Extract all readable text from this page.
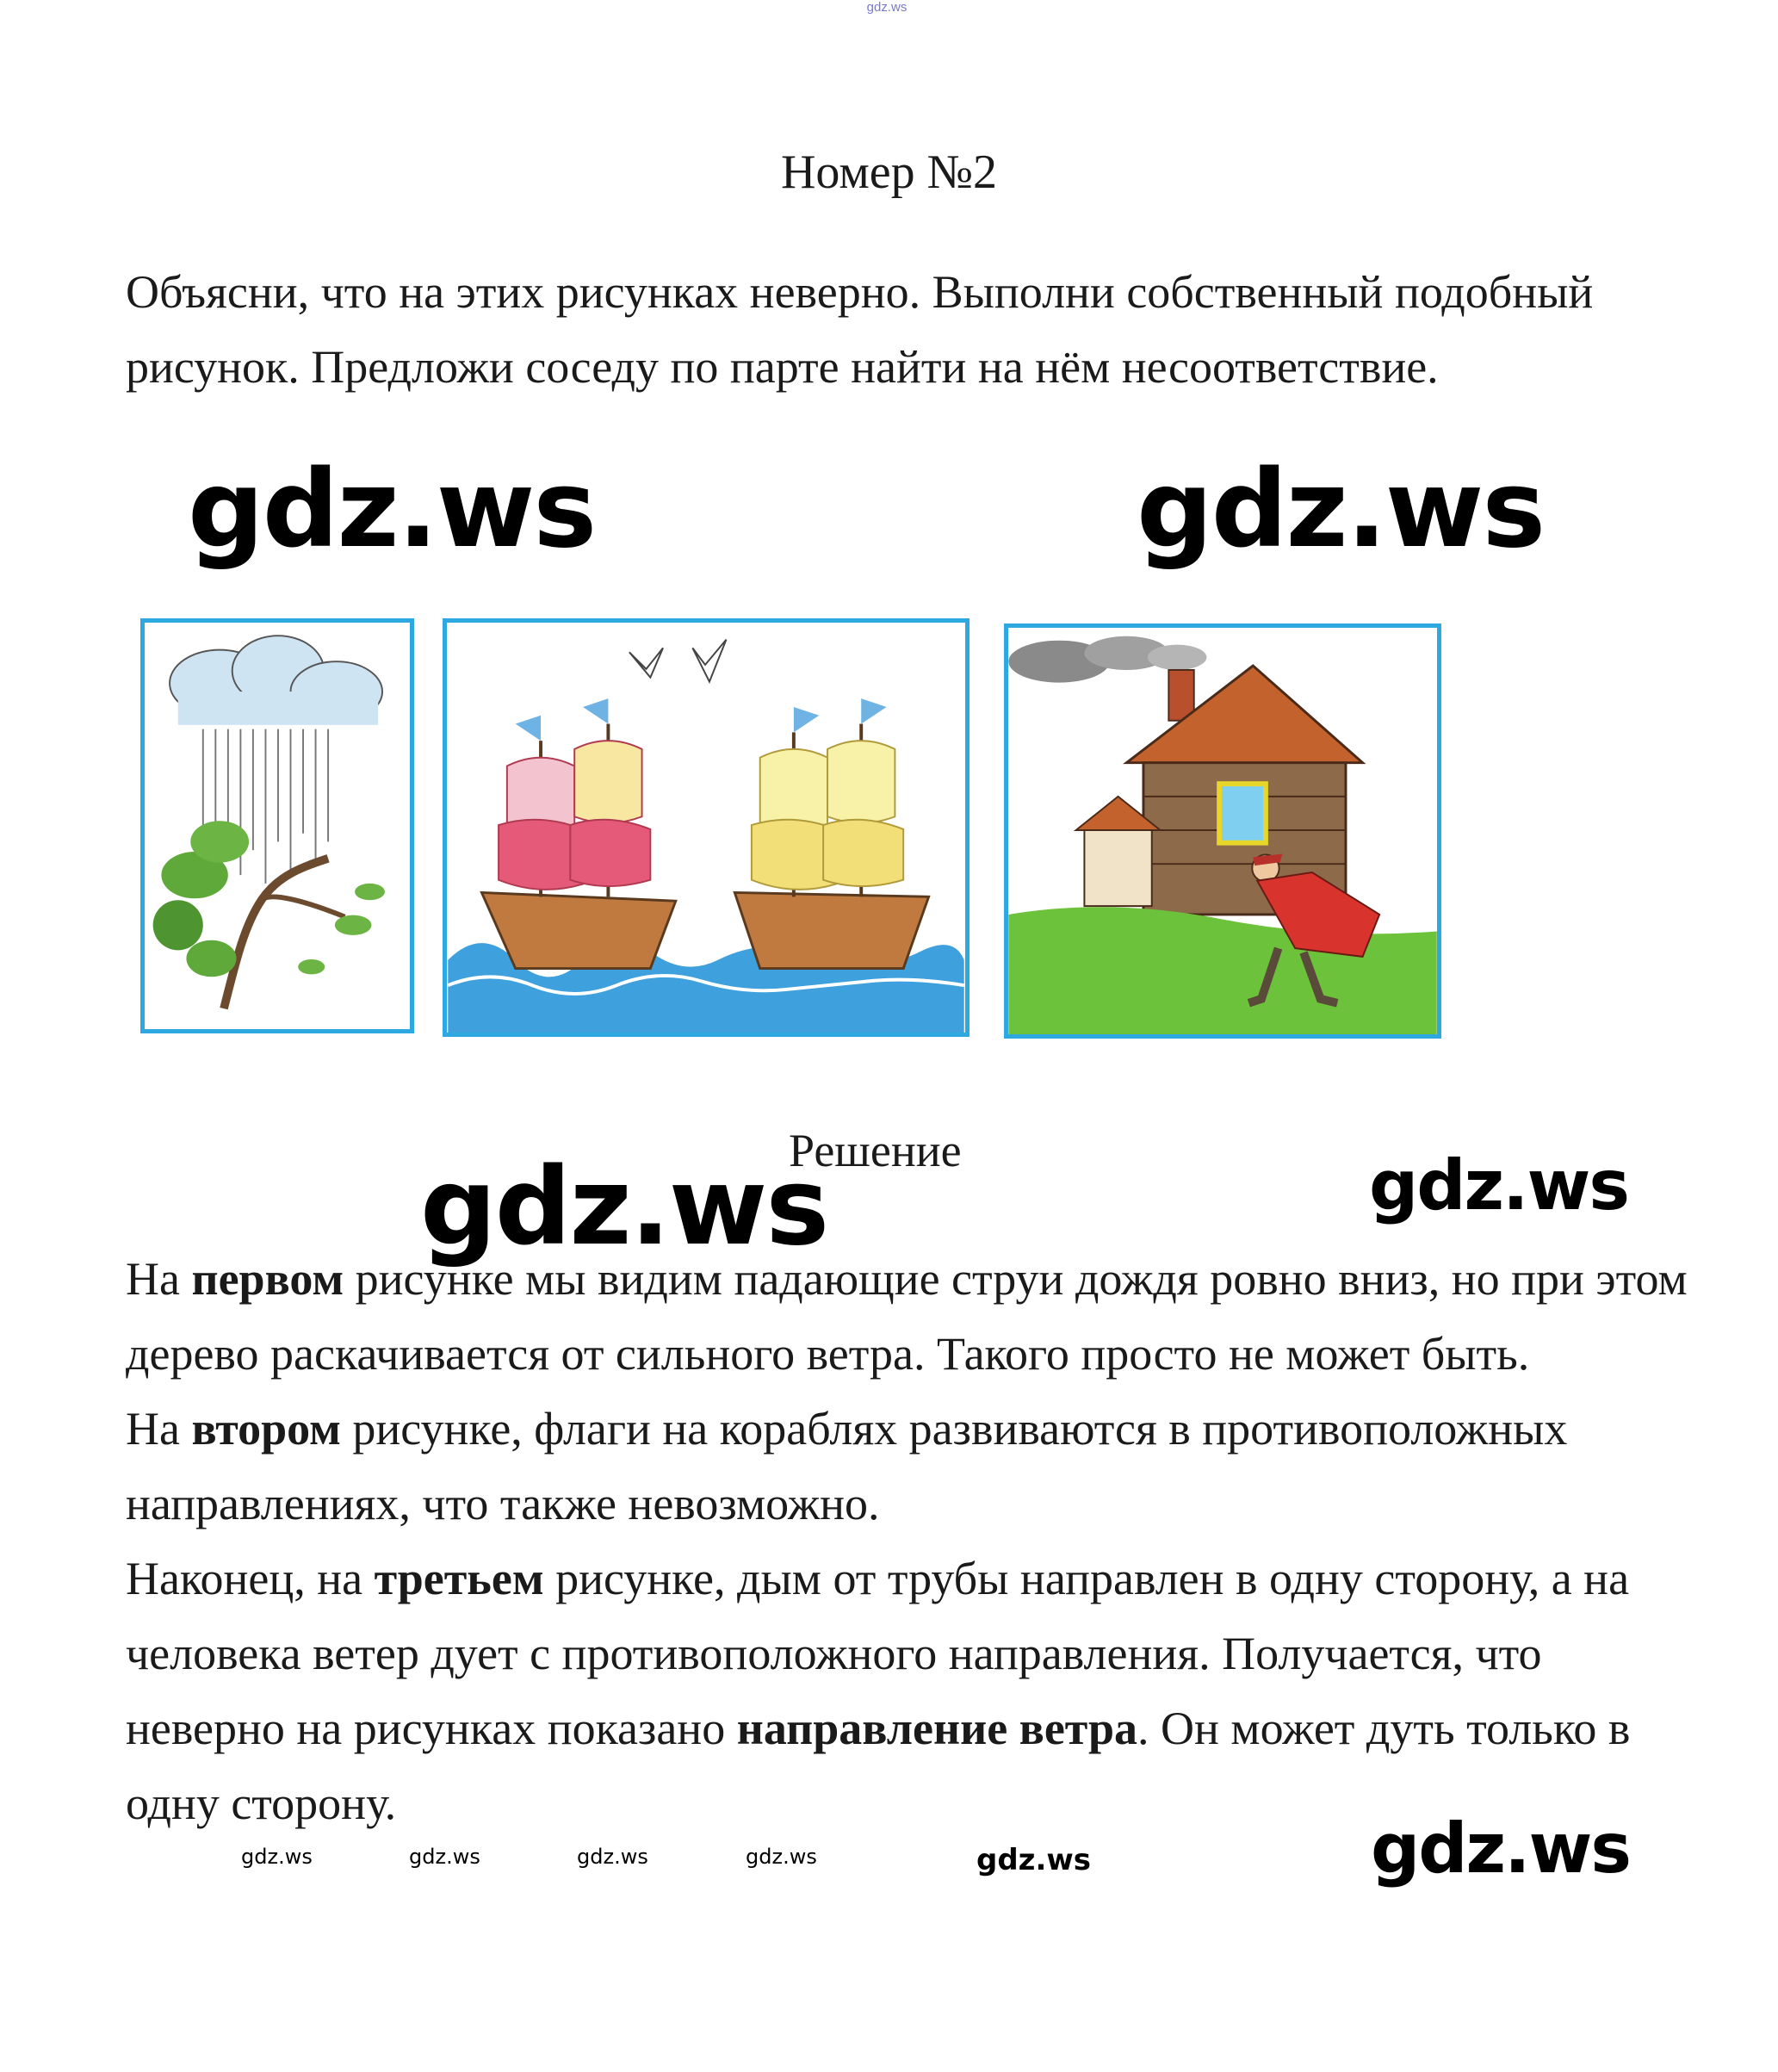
gdz.ws
Номер №2

Объясни, что на этих рисунках неверно. Выполни собственный подобный рисунок. Предложи соседу по парте найти на нём несоответствие.

gdz.ws	gdz.ws
gdz.ws	gdz.ws
gdz.ws
gdz.ws
gdz.ws	gdz.ws	gdz.ws	gdz.ws
Решение

На первом рисунке мы видим падающие струи дождя ровно вниз, но при этом дерево раскачивается от сильного ветра. Такого просто не может быть.

На втором рисунке, флаги на кораблях развиваются в противоположных направлениях, что также невозможно.

Наконец, на третьем рисунке, дым от трубы направлен в одну сторону, а на человека ветер дует с противоположного направления. Получается, что неверно на рисунках показано направление ветра. Он может дуть только в одну сторону.
